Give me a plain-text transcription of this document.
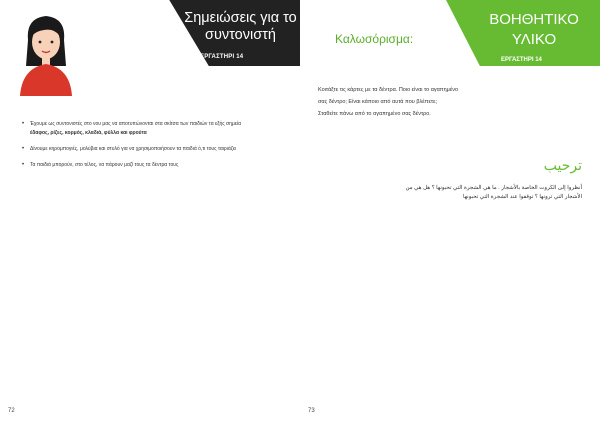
Σημειώσεις για το συντονιστή
ΕΡΓΑΣΤΗΡΙ 14
• Έχουμε ως συντονιστές στο νου μας να αποτυπώνονται στα σκίτσα των παιδιών τα εξής σημεία
έδαφος, ρίζες, κορμός, κλαδιά, φύλλα και φρούτα
• Δίνουμε κηρομπογιές, μολύβια και στυλό για να χρησιμοποιήσουν τα παιδιά ό,τι τους ταιριάζει
• Τα παιδιά μπορούν, στο τέλος, να πάρουν μαζί τους τα δέντρα τους
72
Καλωσόρισμα:
ΒΟΗΘΗΤΙΚΟ ΥΛΙΚΟ
ΕΡΓΑΣΤΗΡΙ 14
Κοιτάξτε τις κάρτες με τα δέντρα. Ποιο είναι το αγαπημένο
σας δέντρο; Είναι κάποιο από αυτά που βλέπετε;
Σταθείτε πάνω από το αγαπημένο σας δέντρο.
ترحيب
أنظروا إلى الكروت الخاصة بالأشجار . ما هي الشجرة التي تحبونها ؟ هل هي من
الأشجار التي ترونها ؟ توقفوا عند الشجرة التي تحبونها
73
